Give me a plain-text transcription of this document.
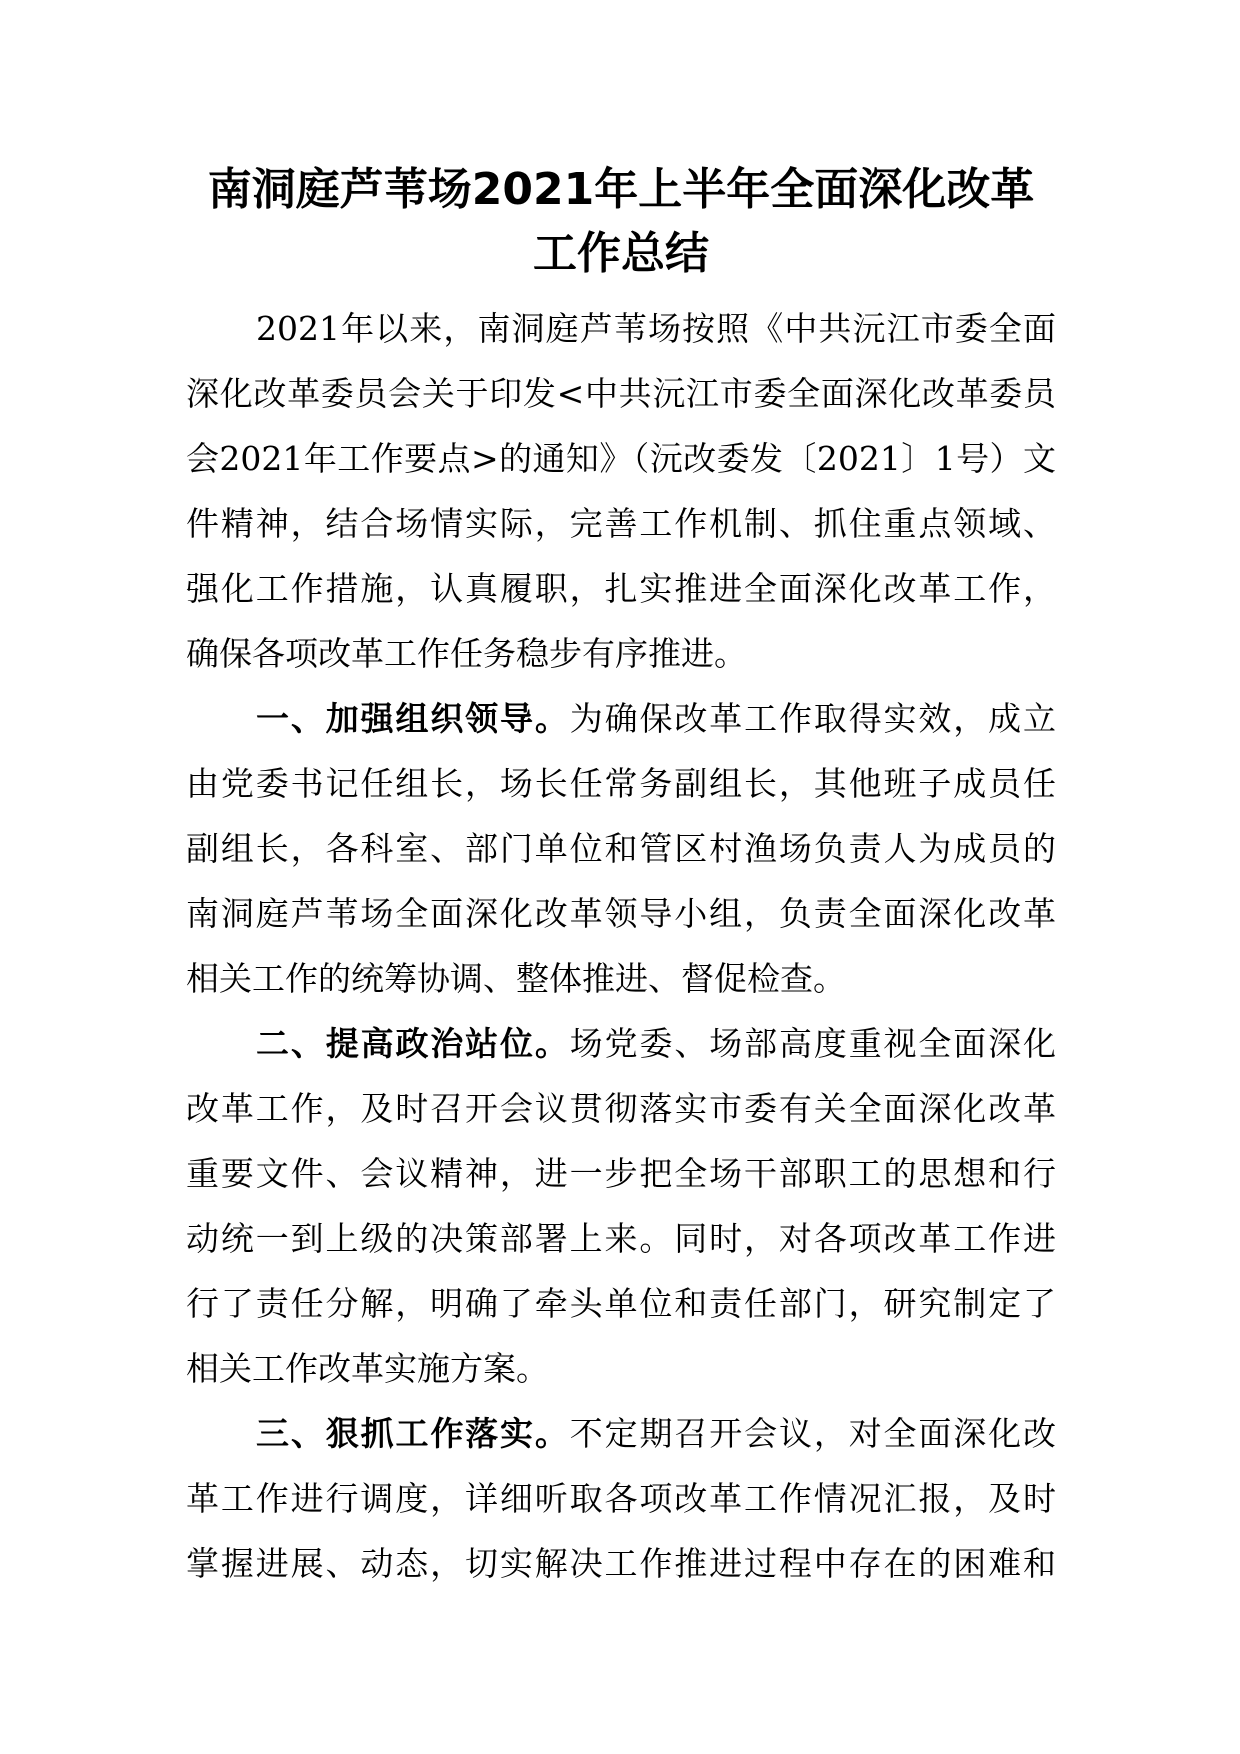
南洞庭芦苇场2021年上半年全面深化改革
工作总结
2021年以来，南洞庭芦苇场按照《中共沅江市委全面
深化改革委员会关于印发<中共沅江市委全面深化改革委员
会2021年工作要点>的通知》（沅改委发〔2021〕1号）文
件精神，结合场情实际，完善工作机制、抓住重点领域、
强化工作措施，认真履职，扎实推进全面深化改革工作，
确保各项改革工作任务稳步有序推进。
一、加强组织领导。为确保改革工作取得实效，成立
由党委书记任组长，场长任常务副组长，其他班子成员任
副组长，各科室、部门单位和管区村渔场负责人为成员的
南洞庭芦苇场全面深化改革领导小组，负责全面深化改革
相关工作的统筹协调、整体推进、督促检查。
二、提高政治站位。场党委、场部高度重视全面深化
改革工作，及时召开会议贯彻落实市委有关全面深化改革
重要文件、会议精神，进一步把全场干部职工的思想和行
动统一到上级的决策部署上来。同时，对各项改革工作进
行了责任分解，明确了牵头单位和责任部门，研究制定了
相关工作改革实施方案。
三、狠抓工作落实。不定期召开会议，对全面深化改
革工作进行调度，详细听取各项改革工作情况汇报，及时
掌握进展、动态，切实解决工作推进过程中存在的困难和
